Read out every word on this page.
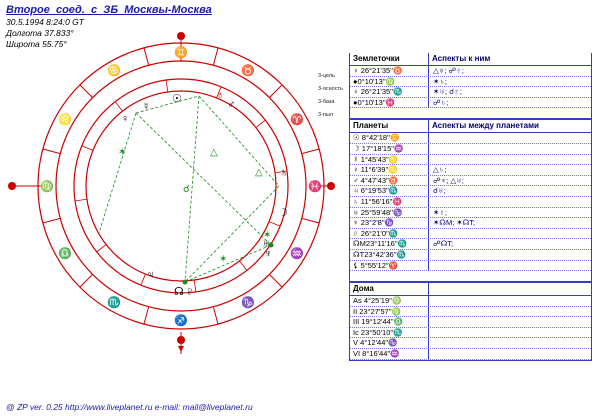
Второе_соед._с_ЗБ_Москвы-Москва
30.5.1994 8:24:0 GT
Долгота 37.833°
Широта 55.75°
♊
♉
♈
♓
♒
♑
♐
♏
♎
♍
♌
♋
△
△
✶
✶
✶
☌
☉
☿
♀
♂
☽
♃
♄
♅
♆
♇
☊
♁
3-цель
3-ясность
3-база
3-пыл
Землеточки	Аспекты к ним
♀ 26°21'35''♉	△♅; ☍♇;
●0°10'13''♍	✶♄;
♀ 26°21'35''♏	✶♅; ☌♇;
●0°10'13''♓	☍♄;
Планеты	Аспекты между планетами
☉ 8°42'18''♊
☽ 17°18'15''♒
☿ 1°45'43''♋
♀ 11°6'39''♋	△♄;
♂ 4°47'43''♉	☍♆; △♅;
♃ 6°19'53''♏	☌♅;
♄ 11°56'16''♓
♅ 25°59'48''♑	✶♇;
♆ 23°2'8''♑	✶☊M; ✶☊T;
♇ 26°21'0''♏
☊M23°11'16''♏	☍☊T;
☊T23°42'36''♏
⚸ 5°55'12''♈
Дома
As 4°25'19''♍
II 23°27'57''♍
III 19°12'44''♎
Ic 23°50'10''♏
V 4°12'44''♑
VI 8°16'44''♒
@ ZP ver. 0.25 http://www.liveplanet.ru e-mail: mail@liveplanet.ru
